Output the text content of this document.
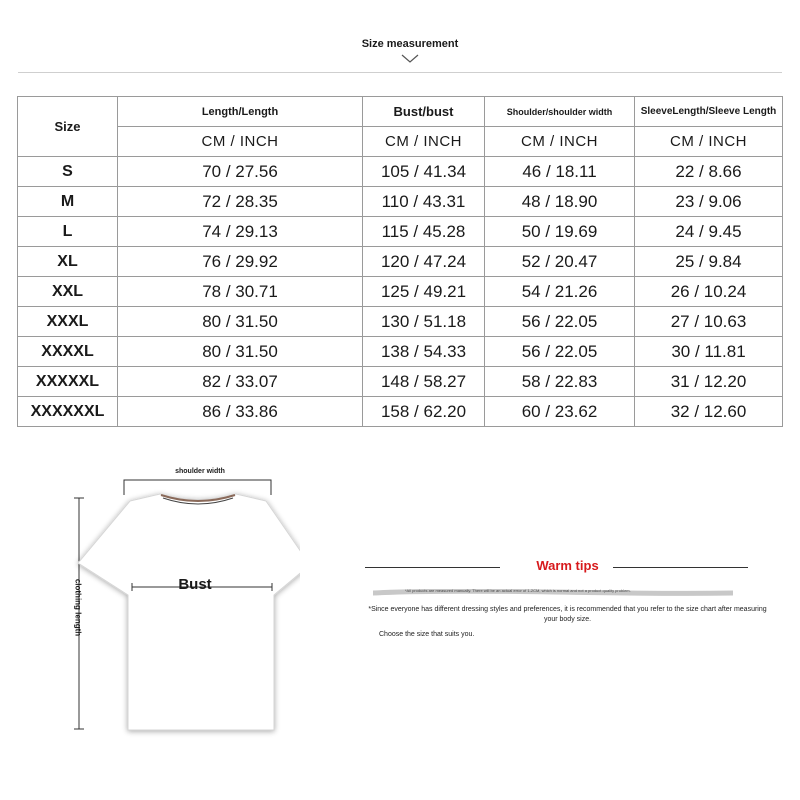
Size measurement
Size	Length/Length	Bust/bust	Shoulder/shoulder width	SleeveLength/Sleeve Length
	CM / INCH	CM / INCH	CM / INCH	CM / INCH
S	70 / 27.56	105 / 41.34	46 / 18.11	22 / 8.66
M	72 / 28.35	110 / 43.31	48 / 18.90	23 / 9.06
L	74 / 29.13	115 / 45.28	50 / 19.69	24 / 9.45
XL	76 / 29.92	120 / 47.24	52 / 20.47	25 / 9.84
XXL	78 / 30.71	125 / 49.21	54 / 21.26	26 / 10.24
XXXL	80 / 31.50	130 / 51.18	56 / 22.05	27 / 10.63
XXXXL	80 / 31.50	138 / 54.33	56 / 22.05	30 / 11.81
XXXXXL	82 / 33.07	148 / 58.27	58 / 22.83	31 / 12.20
XXXXXXL	86 / 33.86	158 / 62.20	60 / 23.62	32 / 12.60
shoulder width
Bust
clothing length
Warm tips
*All products are measured manually. There will be an actual error of 1-2CM, which is normal and not a product quality problem.
*Since everyone has different dressing styles and preferences, it is recommended that you refer to the size chart after measuring your body size.
Choose the size that suits you.
